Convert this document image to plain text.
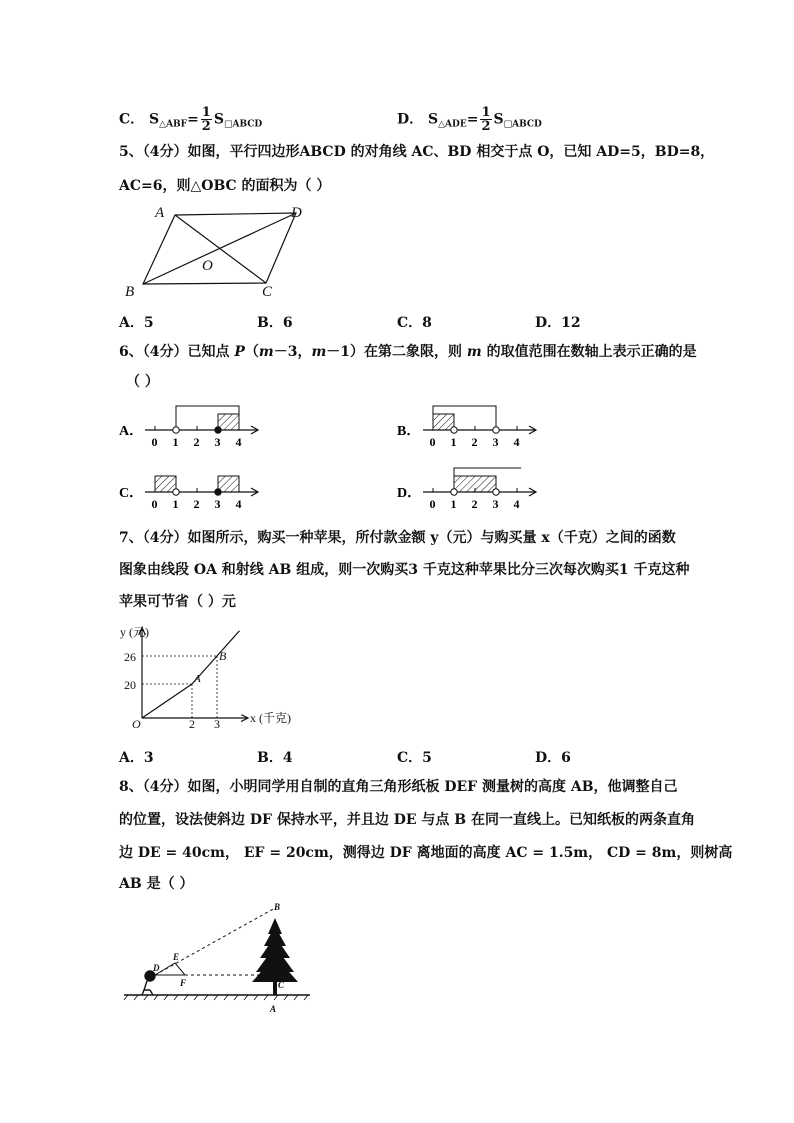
C． $S_{\triangle ABF}= \frac{1}{2} S_{□ABCD}$	D． $S_{\triangle ADE}= \frac{1}{2} S_{□ABCD}$
5、（4分）如图，平行四边形ABCD 的对角线 AC、BD 相交于点 O，已知 AD=5，BD=8，
AC=6，则△OBC 的面积为（ ）
A	D
O
B	C
A．5	B．6	C．8	D．12
6、（4分）已知点 P（m－3，m－1）在第二象限，则 m 的取值范围在数轴上表示正确的是
（ ）
A．
0 1 2 3 4
B．
0 1 2 3 4
C．
0 1 2 3 4
D．
0 1 2 3 4
7、（4分）如图所示，购买一种苹果，所付款金额 y（元）与购买量 x（千克）之间的函数
图象由线段 OA 和射线 AB 组成，则一次购买3 千克这种苹果比分三次每次购买1 千克这种
苹果可节省（ ）元
y (元)
x (千克)
O
26
20
2 3
A
B
A．3	B．4	C．5	D．6
8、（4分）如图，小明同学用自制的直角三角形纸板 DEF 测量树的高度 AB，他调整自己
的位置，设法使斜边 DF 保持水平，并且边 DE 与点 B 在同一直线上。已知纸板的两条直角
边 DE = 40cm， EF = 20cm，测得边 DF 离地面的高度 AC = 1.5m， CD = 8m，则树高
AB 是（ ）
B
D
E
F	C
A
